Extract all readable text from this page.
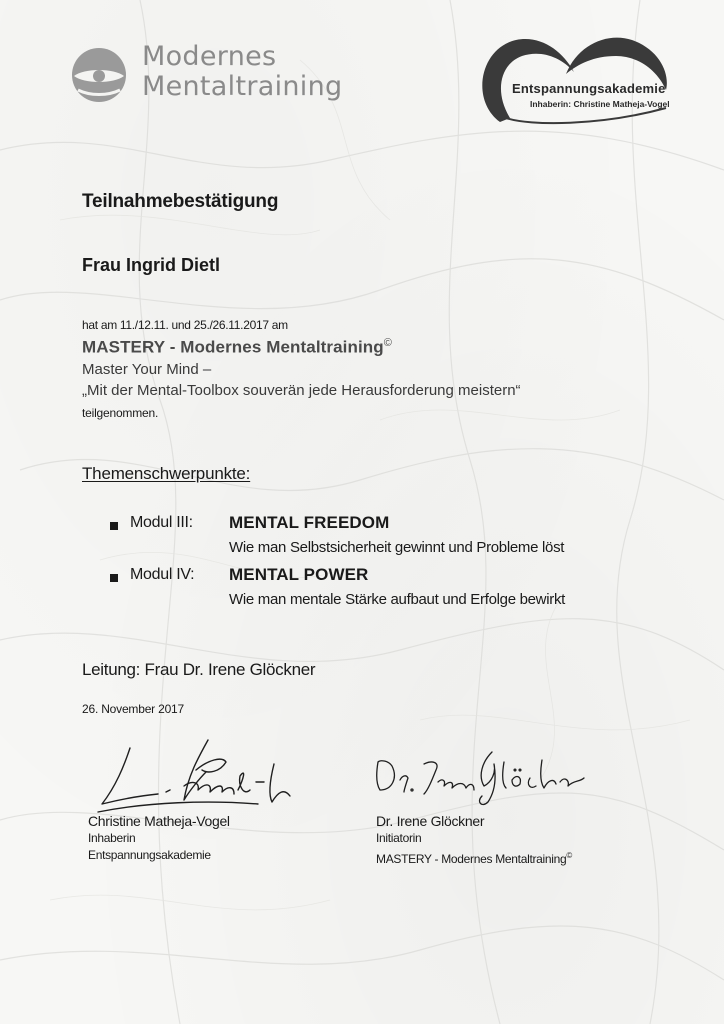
Modernes
Mentaltraining	Entspannungsakademie
Inhaberin: Christine Matheja-Vogel
Teilnahmebestätigung
Frau Ingrid Dietl
hat am 11./12.11. und 25./26.11.2017 am
MASTERY - Modernes Mentaltraining©
Master Your Mind –
„Mit der Mental-Toolbox souverän jede Herausforderung meistern“
teilgenommen.
Themenschwerpunkte:
Modul III: MENTAL FREEDOM
Wie man Selbstsicherheit gewinnt und Probleme löst
Modul IV: MENTAL POWER
Wie man mentale Stärke aufbaut und Erfolge bewirkt
Leitung: Frau Dr. Irene Glöckner
26. November 2017
Christine Matheja-Vogel
Inhaberin
Entspannungsakademie
Dr. Irene Glöckner
Initiatorin
MASTERY - Modernes Mentaltraining©
